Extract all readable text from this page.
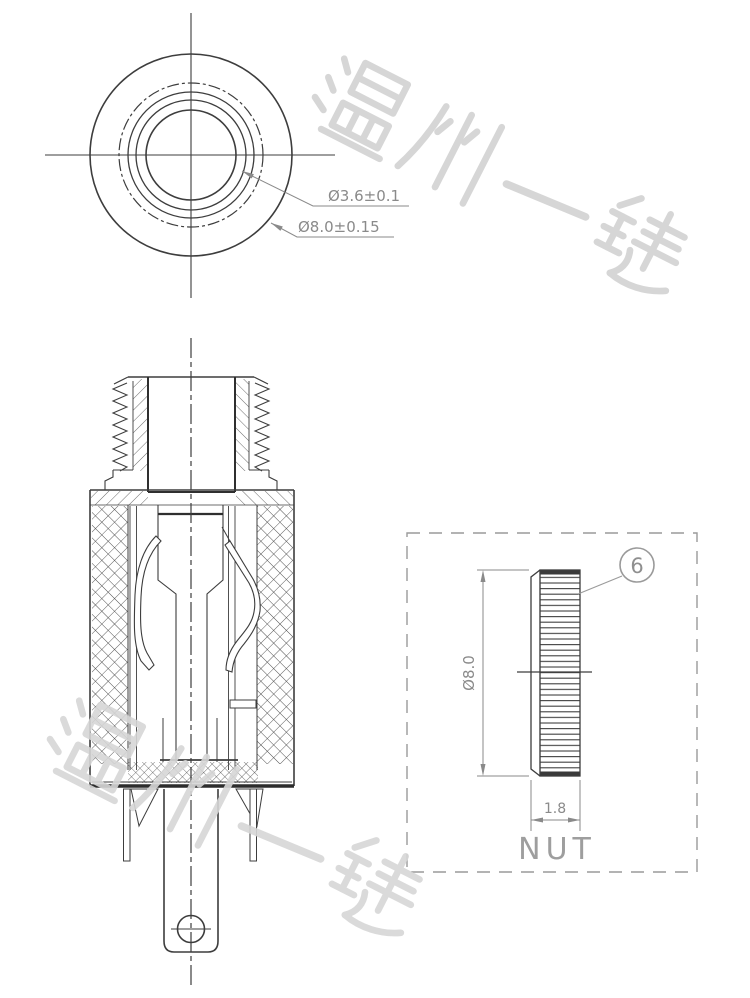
Ø3.6±0.1
Ø8.0±0.15
6
Ø8.0
1.8
NUT
